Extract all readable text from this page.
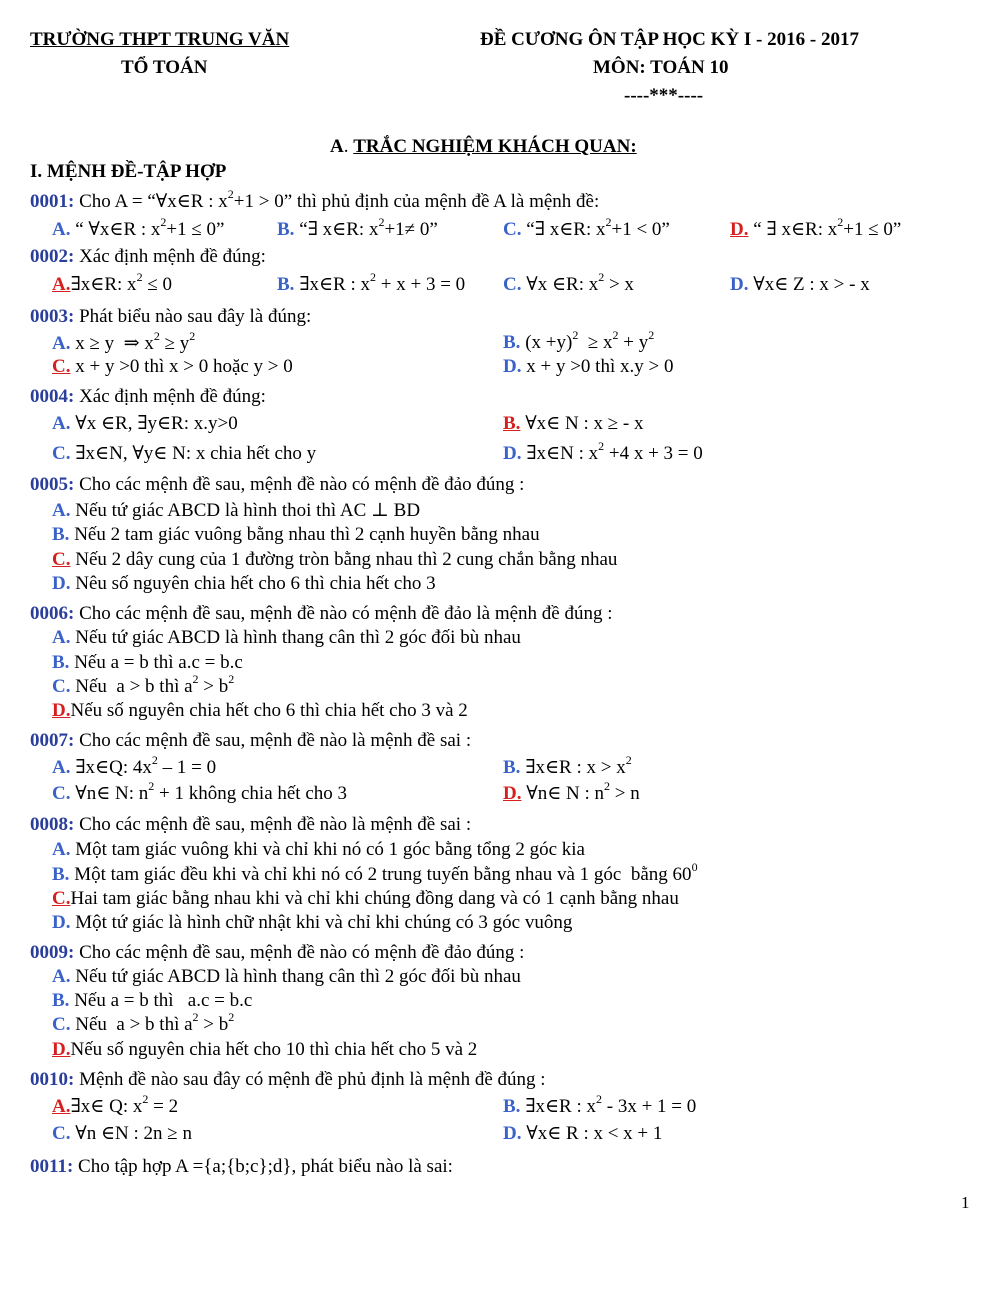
TRƯỜNG THPT TRUNG VĂN
TỔ TOÁN
ĐỀ CƯƠNG ÔN TẬP HỌC KỲ I - 2016 - 2017
MÔN: TOÁN 10
----***----
A. TRẮC NGHIỆM KHÁCH QUAN:
I. MỆNH ĐỀ-TẬP HỢP
0001: Cho A = “∀x∈R : $x^2+1 > 0$” thì phủ định của mệnh đề A là mệnh đề:
A. “ ∀x∈R : $x^2+1 \le 0$”	B. “∃ x∈R: $x^2+1\ne 0$”	C. “∃ x∈R: $x^2+1 < 0$”	D. “ ∃ x∈R: $x^2+1 \le 0$”
0002: Xác định mệnh đề đúng:
A.∃x∈R: $x^2 \le 0$	B. ∃x∈R : $x^2 + x + 3 = 0$ C. ∀x ∈R: $x^2 > x$	D. ∀x∈ Z : x > - x
0003: Phát biểu nào sau đây là đúng:
A. x ≥ y  ⇒ $x^2 \ge y^2$	B. $(x +y)^2 \ge x^2 + y^2$
C. x + y >0 thì x > 0 hoặc y > 0	D. x + y >0 thì x.y > 0
0004: Xác định mệnh đề đúng:
A. ∀x ∈R, ∃y∈R: x.y>0	B. ∀x∈ N : x ≥ - x
C. ∃x∈N, ∀y∈ N: x chia hết cho y	D. ∃x∈N : $x^2 +4$ x + 3 = 0
0005: Cho các mệnh đề sau, mệnh đề nào có mệnh đề đảo đúng :
A. Nếu tứ giác ABCD là hình thoi thì AC ⊥ BD
B. Nếu 2 tam giác vuông bằng nhau thì 2 cạnh huyền bằng nhau
C. Nếu 2 dây cung của 1 đường tròn bằng nhau thì 2 cung chắn bằng nhau
D. Nêu số nguyên chia hết cho 6 thì chia hết cho 3
0006: Cho các mệnh đề sau, mệnh đề nào có mệnh đề đảo là mệnh đề đúng :
A. Nếu tứ giác ABCD là hình thang cân thì 2 góc đối bù nhau
B. Nếu a = b thì a.c = b.c
C. Nếu  a > b thì $a^2 > b^2$
D.Nếu số nguyên chia hết cho 6 thì chia hết cho 3 và 2
0007: Cho các mệnh đề sau, mệnh đề nào là mệnh đề sai :
A. ∃x∈Q: $4x^2 - 1 = 0$	B. ∃x∈R : $x > x^2$
C. ∀n∈ N: $n^2 + 1$ không chia hết cho 3	D. ∀n∈ N : $n^2 > n$
0008: Cho các mệnh đề sau, mệnh đề nào là mệnh đề sai :
A. Một tam giác vuông khi và chỉ khi nó có 1 góc bằng tổng 2 góc kia
B. Một tam giác đều khi và chỉ khi nó có 2 trung tuyến bằng nhau và 1 góc  bằng $60^0$
C.Hai tam giác bằng nhau khi và chỉ khi chúng đồng dang và có 1 cạnh bằng nhau
D. Một tứ giác là hình chữ nhật khi và chỉ khi chúng có 3 góc vuông
0009: Cho các mệnh đề sau, mệnh đề nào có mệnh đề đảo đúng :
A. Nếu tứ giác ABCD là hình thang cân thì 2 góc đối bù nhau
B. Nếu a = b thì   a.c = b.c
C. Nếu  a > b thì $a^2 > b^2$
D.Nếu số nguyên chia hết cho 10 thì chia hết cho 5 và 2
0010: Mệnh đề nào sau đây có mệnh đề phủ định là mệnh đề đúng :
A.∃x∈ Q: $x^2 = 2$	B. ∃x∈R : $x^2 - 3x + 1 = 0$
C. ∀n ∈N : 2n ≥ n	D. ∀x∈ R : x < x + 1
0011: Cho tập hợp A ={a;{b;c};d}, phát biểu nào là sai:
1
